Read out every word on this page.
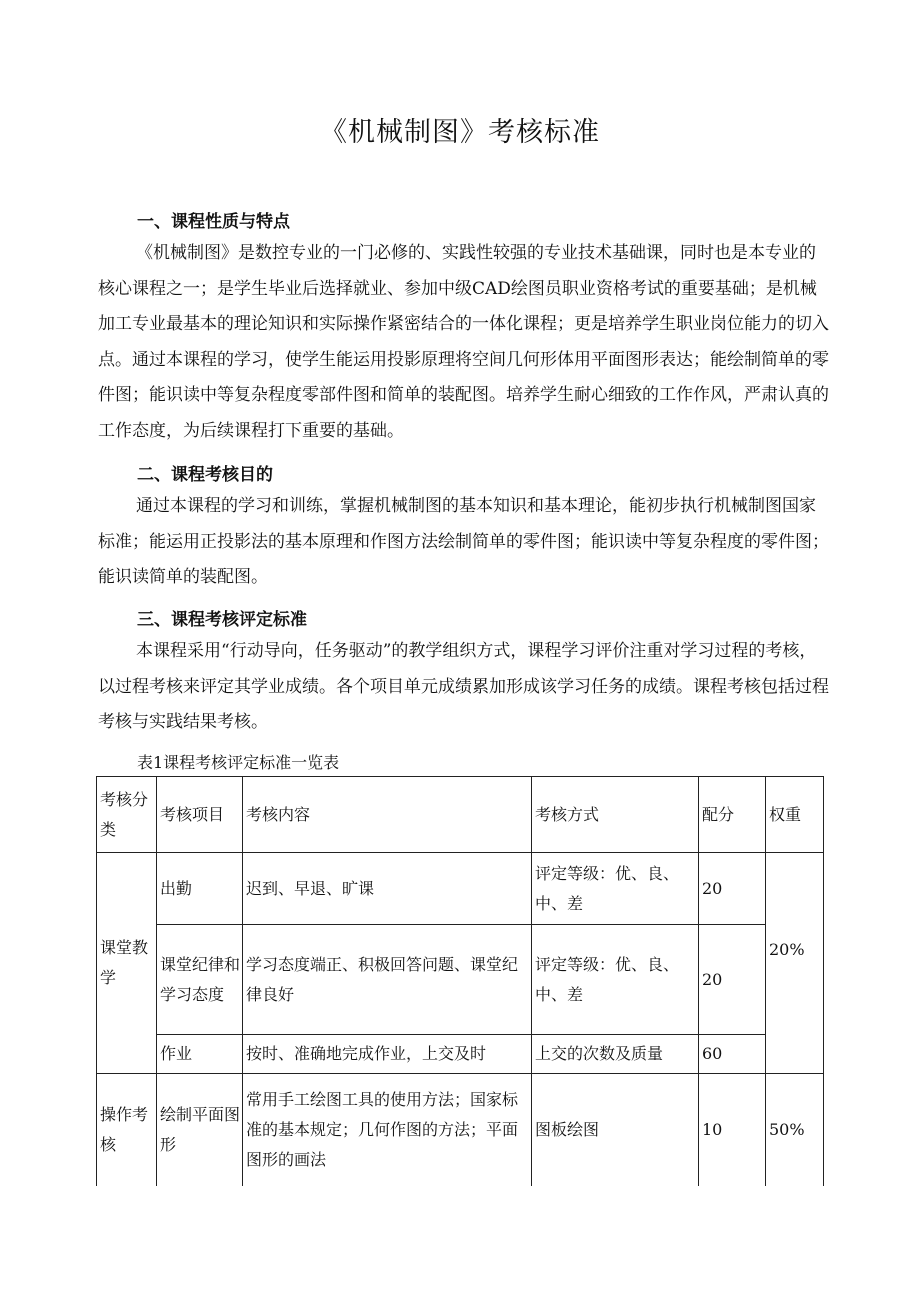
《机械制图》考核标准
一、课程性质与特点

《机械制图》是数控专业的一门必修的、实践性较强的专业技术基础课，同时也是本专业的
核心课程之一；是学生毕业后选择就业、参加中级CAD绘图员职业资格考试的重要基础；是机械
加工专业最基本的理论知识和实际操作紧密结合的一体化课程；更是培养学生职业岗位能力的切入
点。通过本课程的学习，使学生能运用投影原理将空间几何形体用平面图形表达；能绘制简单的零
件图；能识读中等复杂程度零部件图和简单的装配图。培养学生耐心细致的工作作风，严肃认真的
工作态度，为后续课程打下重要的基础。

二、课程考核目的

通过本课程的学习和训练，掌握机械制图的基本知识和基本理论，能初步执行机械制图国家
标准；能运用正投影法的基本原理和作图方法绘制简单的零件图；能识读中等复杂程度的零件图；
能识读简单的装配图。

三、课程考核评定标准

本课程采用“行动导向，任务驱动”的教学组织方式，课程学习评价注重对学习过程的考核，
以过程考核来评定其学业成绩。各个项目单元成绩累加形成该学习任务的成绩。课程考核包括过程
考核与实践结果考核。

表1课程考核评定标准一览表
考核分类	考核项目	考核内容	考核方式	配分	权重
课堂教学	出勤	迟到、早退、旷课	评定等级：优、良、中、差	20	20%
	课堂纪律和学习态度	学习态度端正、积极回答问题、课堂纪律良好	评定等级：优、良、中、差	20	
	作业	按时、准确地完成作业，上交及时	上交的次数及质量	60	
操作考核	绘制平面图形	常用手工绘图工具的使用方法；国家标准的基本规定；几何作图的方法；平面图形的画法	图板绘图	10	50%
